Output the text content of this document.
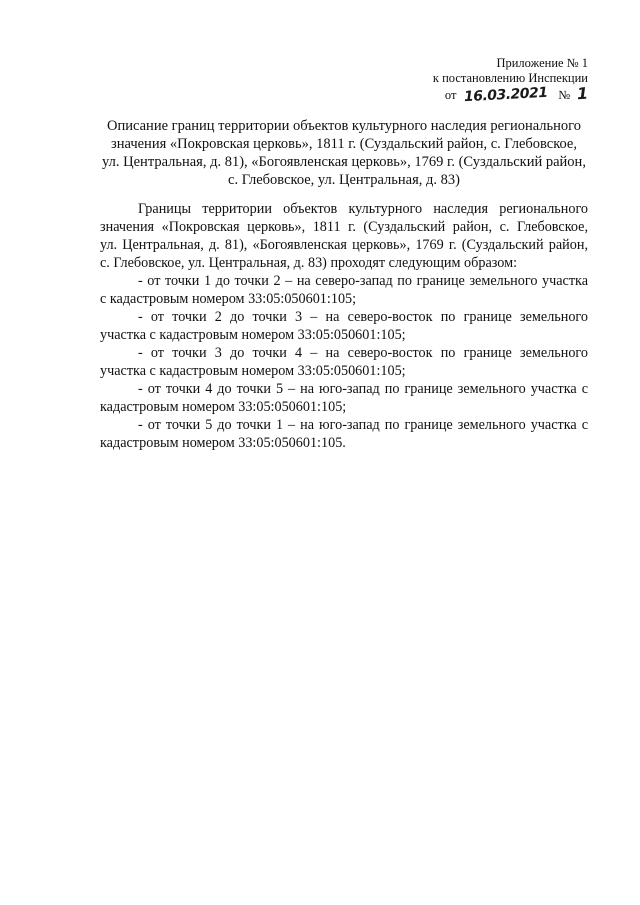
Приложение № 1
к постановлению Инспекции
от 16.03.2021 № 1
Описание границ территории объектов культурного наследия регионального
значения «Покровская церковь», 1811 г. (Суздальский район, с. Глебовское,
ул. Центральная, д. 81), «Богоявленская церковь», 1769 г. (Суздальский район,
с. Глебовское, ул. Центральная, д. 83)
Границы территории объектов культурного наследия регионального
значения «Покровская церковь», 1811 г. (Суздальский район, с. Глебовское,
ул. Центральная, д. 81), «Богоявленская церковь», 1769 г. (Суздальский район,
с. Глебовское, ул. Центральная, д. 83) проходят следующим образом:
- от точки 1 до точки 2 – на северо-запад по границе земельного участка
с кадастровым номером 33:05:050601:105;
- от точки 2 до точки 3 – на северо-восток по границе земельного
участка с кадастровым номером 33:05:050601:105;
- от точки 3 до точки 4 – на северо-восток по границе земельного
участка с кадастровым номером 33:05:050601:105;
- от точки 4 до точки 5 – на юго-запад по границе земельного участка с
кадастровым номером 33:05:050601:105;
- от точки 5 до точки 1 – на юго-запад по границе земельного участка с
кадастровым номером 33:05:050601:105.
